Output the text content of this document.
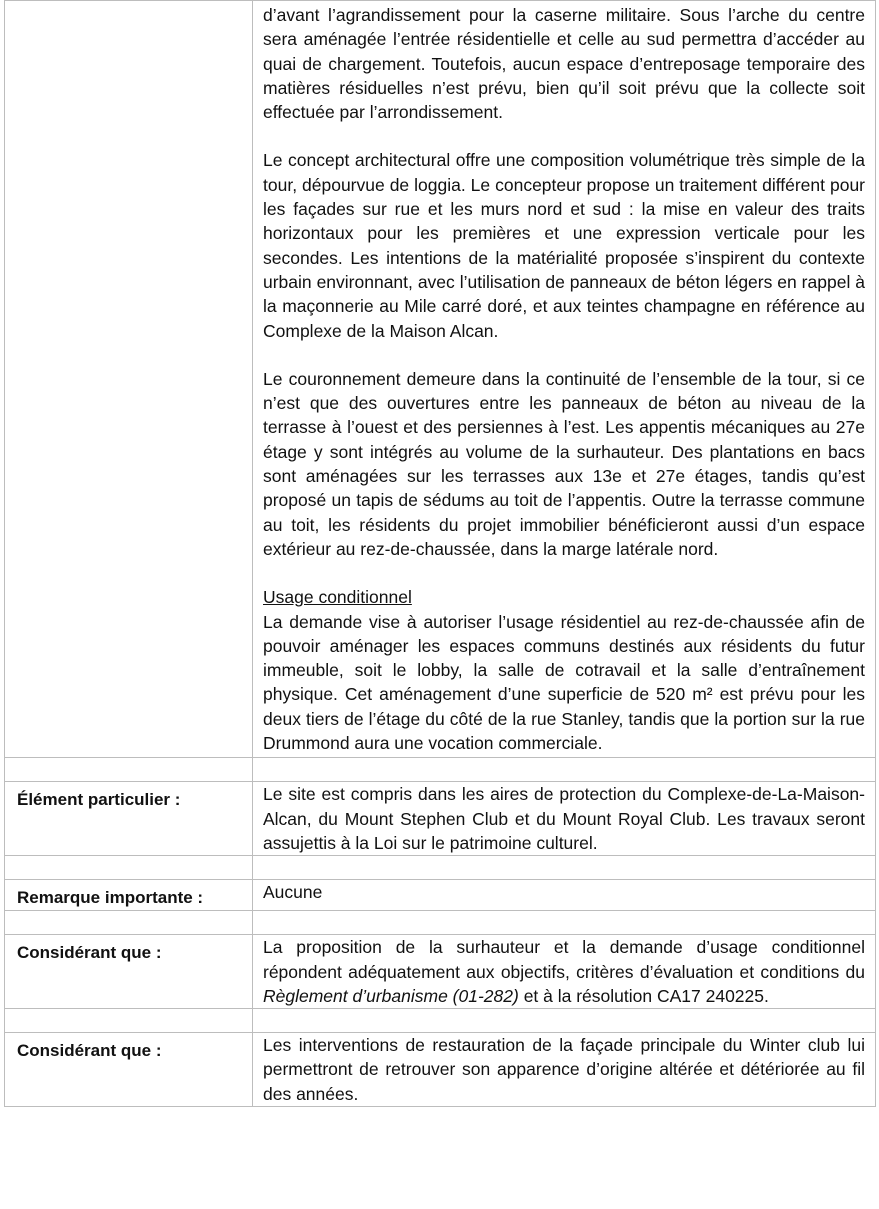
	d’avant l’agrandissement pour la caserne militaire. Sous l’arche du centre sera aménagée l’entrée résidentielle et celle au sud permettra d’accéder au quai de chargement. Toutefois, aucun espace d’entreposage temporaire des matières résiduelles n’est prévu, bien qu’il soit prévu que la collecte soit effectuée par l’arrondissement.

Le concept architectural offre une composition volumétrique très simple de la tour, dépourvue de loggia. Le concepteur propose un traitement différent pour les façades sur rue et les murs nord et sud : la mise en valeur des traits horizontaux pour les premières et une expression verticale pour les secondes. Les intentions de la matérialité proposée s’inspirent du contexte urbain environnant, avec l’utilisation de panneaux de béton légers en rappel à la maçonnerie au Mile carré doré, et aux teintes champagne en référence au Complexe de la Maison Alcan.

Le couronnement demeure dans la continuité de l’ensemble de la tour, si ce n’est que des ouvertures entre les panneaux de béton au niveau de la terrasse à l’ouest et des persiennes à l’est. Les appentis mécaniques au 27e étage y sont intégrés au volume de la surhauteur. Des plantations en bacs sont aménagées sur les terrasses aux 13e et 27e étages, tandis qu’est proposé un tapis de sédums au toit de l’appentis. Outre la terrasse commune au toit, les résidents du projet immobilier bénéficieront aussi d’un espace extérieur au rez-de-chaussée, dans la marge latérale nord.

Usage conditionnel

La demande vise à autoriser l’usage résidentiel au rez-de-chaussée afin de pouvoir aménager les espaces communs destinés aux résidents du futur immeuble, soit le lobby, la salle de cotravail et la salle d’entraînement physique. Cet aménagement d’une superficie de 520 m² est prévu pour les deux tiers de l’étage du côté de la rue Stanley, tandis que la portion sur la rue Drummond aura une vocation commerciale.

Élément particulier :	Le site est compris dans les aires de protection du Complexe-de-La-Maison-Alcan, du Mount Stephen Club et du Mount Royal Club. Les travaux seront assujettis à la Loi sur le patrimoine culturel.

Remarque importante :	Aucune

Considérant que :	La proposition de la surhauteur et la demande d’usage conditionnel répondent adéquatement aux objectifs, critères d’évaluation et conditions du Règlement d’urbanisme (01-282) et à la résolution CA17 240225.

Considérant que :	Les interventions de restauration de la façade principale du Winter club lui permettront de retrouver son apparence d’origine altérée et détériorée au fil des années.
